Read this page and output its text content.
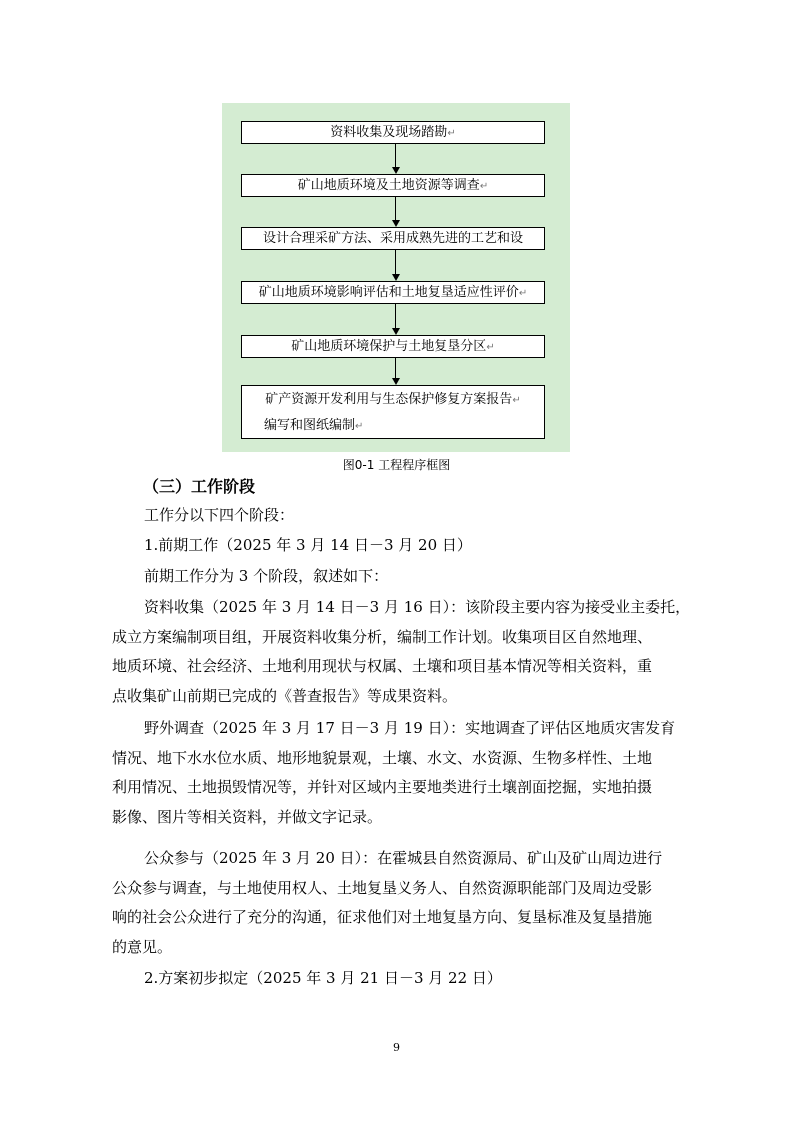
资料收集及现场踏勘↵
矿山地质环境及土地资源等调查↵
设计合理采矿方法、采用成熟先进的工艺和设
矿山地质环境影响评估和土地复垦适应性评价↵
矿山地质环境保护与土地复垦分区↵
矿产资源开发利用与生态保护修复方案报告↵
编写和图纸编制↵
图0-1 工程程序框图
（三）工作阶段
工作分以下四个阶段：
1.前期工作（2025 年 3 月 14 日－3 月 20 日）
前期工作分为 3 个阶段，叙述如下：
资料收集（2025 年 3 月 14 日－3 月 16 日）：该阶段主要内容为接受业主委托，
成立方案编制项目组，开展资料收集分析，编制工作计划。收集项目区自然地理、
地质环境、社会经济、土地利用现状与权属、土壤和项目基本情况等相关资料，重
点收集矿山前期已完成的《普查报告》等成果资料。
野外调查（2025 年 3 月 17 日－3 月 19 日）：实地调查了评估区地质灾害发育
情况、地下水水位水质、地形地貌景观，土壤、水文、水资源、生物多样性、土地
利用情况、土地损毁情况等，并针对区域内主要地类进行土壤剖面挖掘，实地拍摄
影像、图片等相关资料，并做文字记录。
公众参与（2025 年 3 月 20 日）：在霍城县自然资源局、矿山及矿山周边进行
公众参与调查，与土地使用权人、土地复垦义务人、自然资源职能部门及周边受影
响的社会公众进行了充分的沟通，征求他们对土地复垦方向、复垦标准及复垦措施
的意见。
2.方案初步拟定（2025 年 3 月 21 日－3 月 22 日）
9
